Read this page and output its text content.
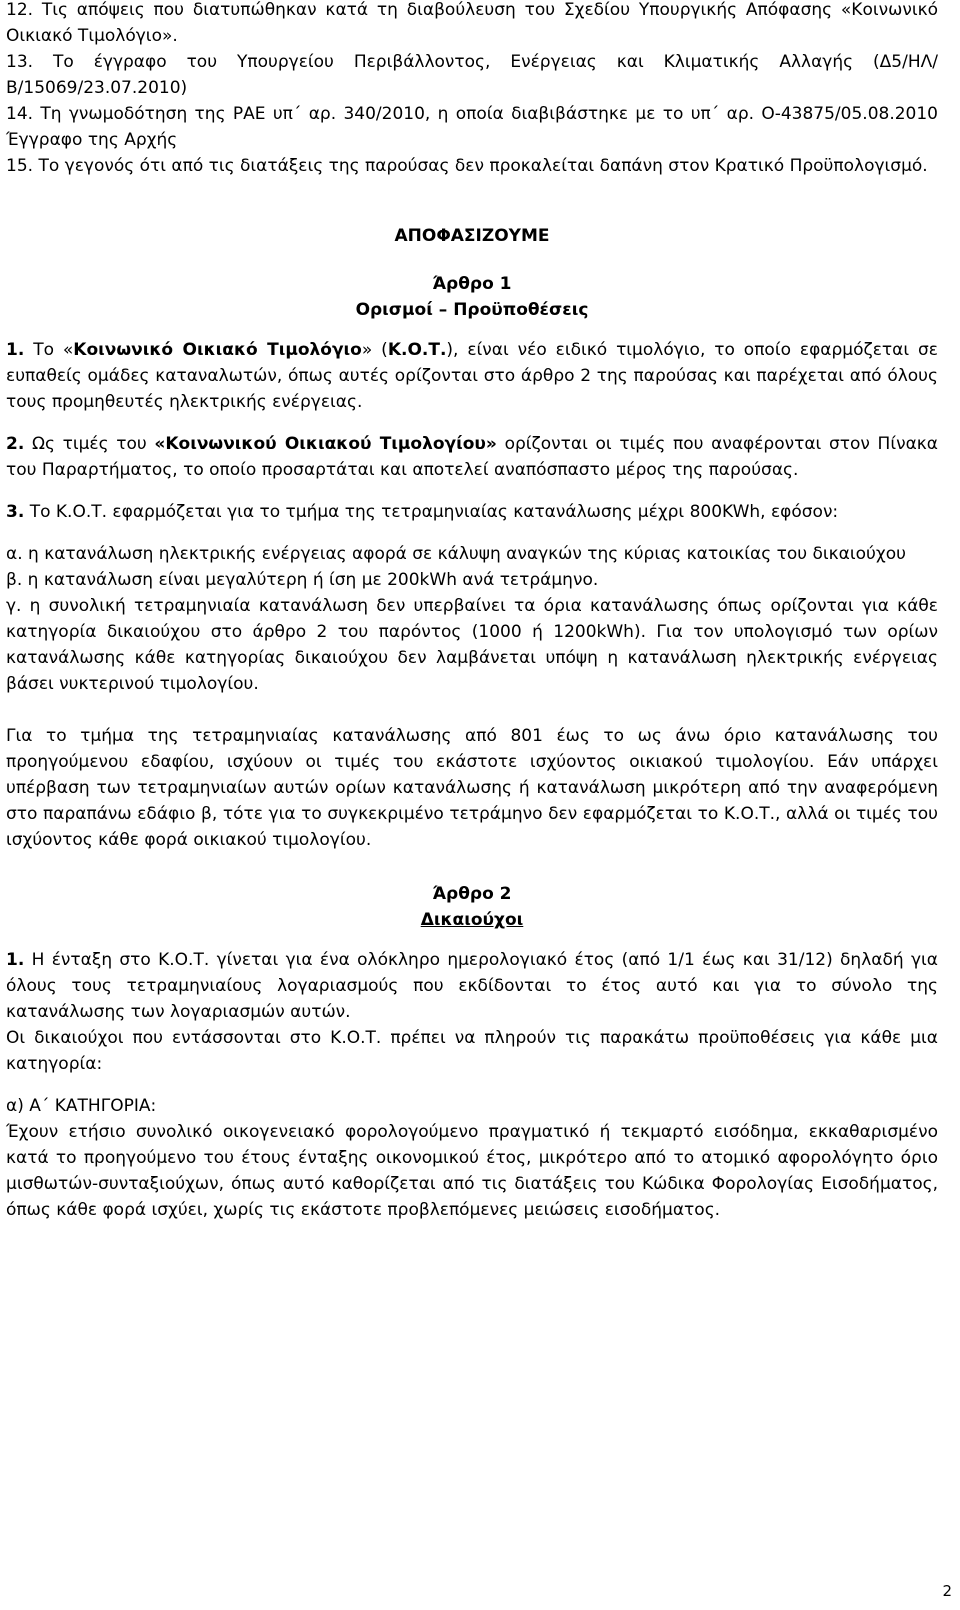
12. Τις απόψεις που διατυπώθηκαν κατά τη διαβούλευση του Σχεδίου Υπουργικής Απόφασης «Κοινωνικό Οικιακό Τιμολόγιο».

13. Το έγγραφο του Υπουργείου Περιβάλλοντος, Ενέργειας και Κλιματικής Αλλαγής (Δ5/ΗΛ/Β/15069/23.07.2010)

14. Τη γνωμοδότηση της ΡΑΕ υπ΄ αρ. 340/2010, η οποία διαβιβάστηκε με το υπ΄ αρ. Ο-43875/05.08.2010 Έγγραφο της Αρχής

15. Το γεγονός ότι από τις διατάξεις της παρούσας δεν προκαλείται δαπάνη στον Κρατικό Προϋπολογισμό.

ΑΠΟΦΑΣΙΖΟΥΜΕ

Άρθρο 1

Ορισμοί – Προϋποθέσεις

1. Το «Κοινωνικό Οικιακό Τιμολόγιο» (Κ.Ο.Τ.), είναι νέο ειδικό τιμολόγιο, το οποίο εφαρμόζεται σε ευπαθείς ομάδες καταναλωτών, όπως αυτές ορίζονται στο άρθρο 2 της παρούσας και παρέχεται από όλους τους προμηθευτές ηλεκτρικής ενέργειας.

2. Ως τιμές του «Κοινωνικού Οικιακού Τιμολογίου» ορίζονται οι τιμές που αναφέρονται στον Πίνακα του Παραρτήματος, το οποίο προσαρτάται και αποτελεί αναπόσπαστο μέρος της παρούσας.

3. Το Κ.Ο.Τ. εφαρμόζεται για το τμήμα της τετραμηνιαίας κατανάλωσης μέχρι 800KWh, εφόσον:

α. η κατανάλωση ηλεκτρικής ενέργειας αφορά σε κάλυψη αναγκών της κύριας κατοικίας του δικαιούχου

β. η κατανάλωση είναι μεγαλύτερη ή ίση με 200kWh ανά τετράμηνο.

γ. η συνολική τετραμηνιαία κατανάλωση δεν υπερβαίνει τα όρια κατανάλωσης όπως ορίζονται για κάθε κατηγορία δικαιούχου στο άρθρο 2 του παρόντος (1000 ή 1200kWh). Για τον υπολογισμό των ορίων κατανάλωσης κάθε κατηγορίας δικαιούχου δεν λαμβάνεται υπόψη η κατανάλωση ηλεκτρικής ενέργειας βάσει νυκτερινού τιμολογίου.

Για το τμήμα της τετραμηνιαίας κατανάλωσης από 801 έως το ως άνω όριο κατανάλωσης του προηγούμενου εδαφίου, ισχύουν οι τιμές του εκάστοτε ισχύοντος οικιακού τιμολογίου. Εάν υπάρχει υπέρβαση των τετραμηνιαίων αυτών ορίων κατανάλωσης ή κατανάλωση μικρότερη από την αναφερόμενη στο παραπάνω εδάφιο β, τότε για το συγκεκριμένο τετράμηνο δεν εφαρμόζεται το Κ.Ο.Τ., αλλά οι τιμές του ισχύοντος κάθε φορά οικιακού τιμολογίου.

Άρθρο 2

Δικαιούχοι

1. Η ένταξη στο Κ.Ο.Τ. γίνεται για ένα ολόκληρο ημερολογιακό έτος (από 1/1 έως και 31/12) δηλαδή για όλους τους τετραμηνιαίους λογαριασμούς που εκδίδονται το έτος αυτό και για το σύνολο της κατανάλωσης των λογαριασμών αυτών.

Οι δικαιούχοι που εντάσσονται στο Κ.Ο.Τ. πρέπει να πληρούν τις παρακάτω προϋποθέσεις για κάθε μια κατηγορία:

α) Α΄ ΚΑΤΗΓΟΡΙΑ:

Έχουν ετήσιο συνολικό οικογενειακό φορολογούμενο πραγματικό ή τεκμαρτό εισόδημα, εκκαθαρισμένο κατά το προηγούμενο του έτους ένταξης οικονομικού έτος, μικρότερο από το ατομικό αφορολόγητο όριο μισθωτών-συνταξιούχων, όπως αυτό καθορίζεται από τις διατάξεις του Κώδικα Φορολογίας Εισοδήματος, όπως κάθε φορά ισχύει, χωρίς τις εκάστοτε προβλεπόμενες μειώσεις εισοδήματος.

2
